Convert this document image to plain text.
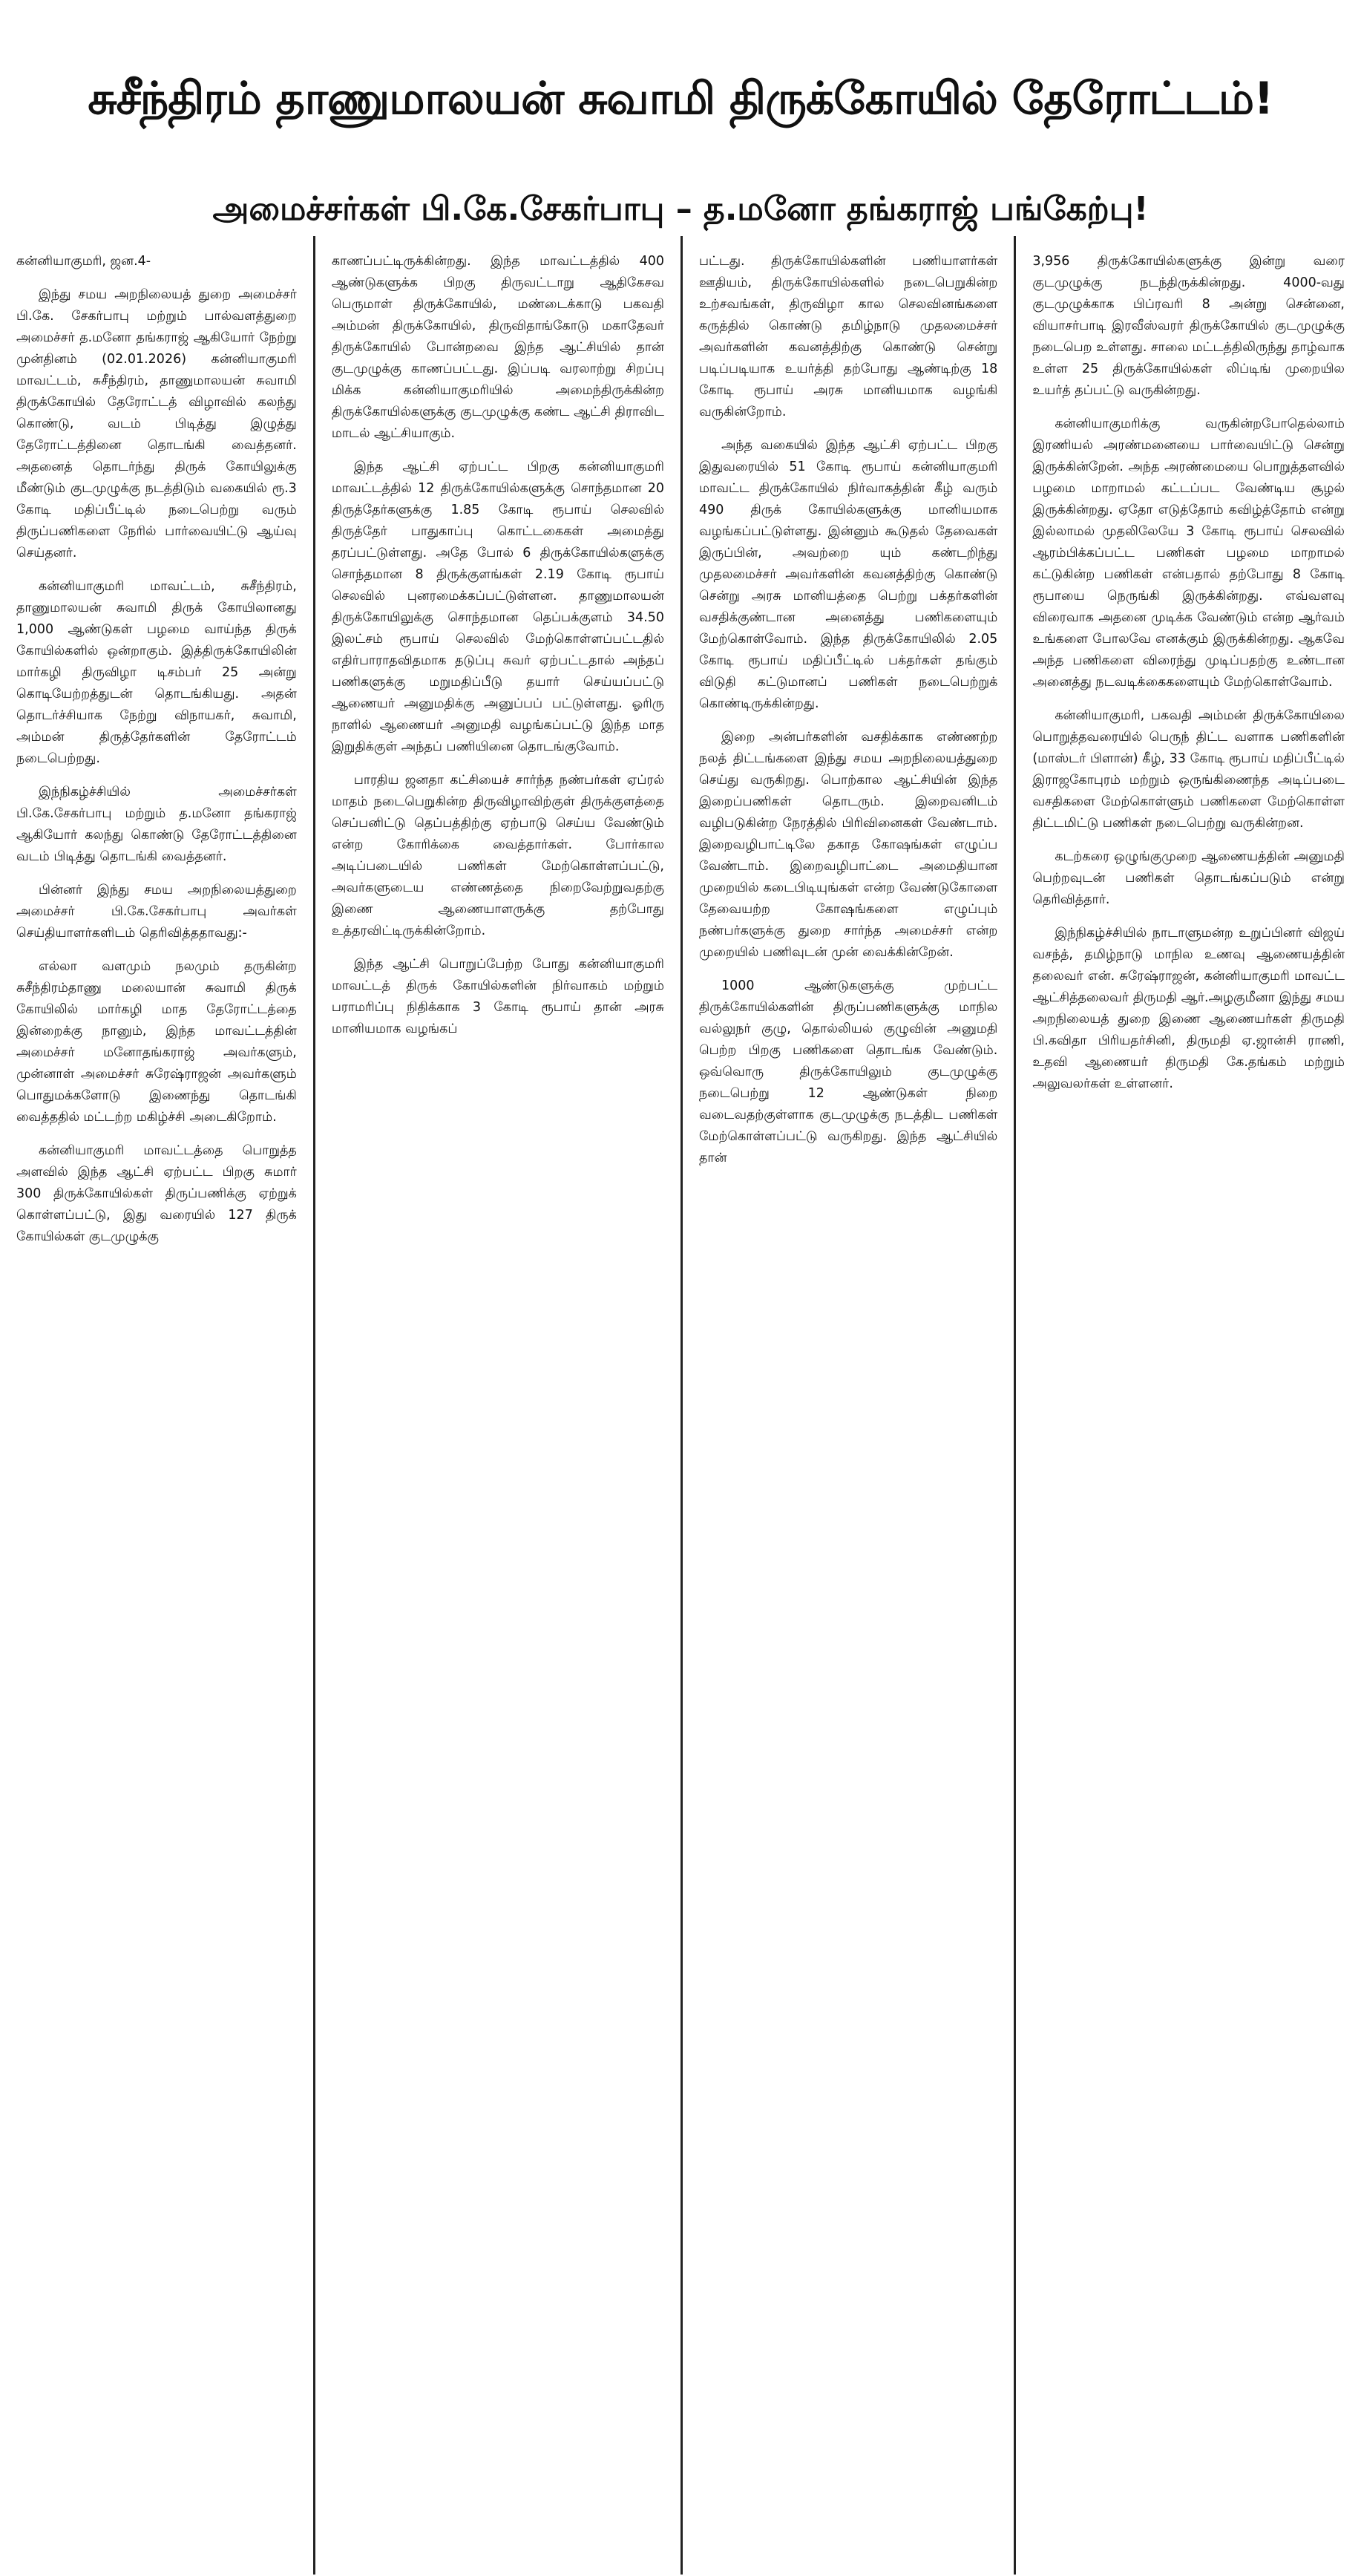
சுசீந்திரம் தாணுமாலயன் சுவாமி திருக்கோயில் தேரோட்டம்!
அமைச்சர்கள் பி.கே.சேகர்பாபு – த.மனோ தங்கராஜ் பங்கேற்பு!

கன்னியாகுமரி, ஜன.4-

இந்து சமய அறநிலையத் துறை அமைச்சர் பி.கே. சேகர்பாபு மற்றும் பால்வளத்துறை அமைச்சர் த.மனோ தங்கராஜ் ஆகியோர் நேற்று முன்தினம் (02.01.2026) கன்னியாகுமரி மாவட்டம், சுசீந்திரம், தாணுமாலயன் சுவாமி திருக்கோயில் தேரோட்டத் விழாவில் கலந்து கொண்டு, வடம் பிடித்து இழுத்து தேரோட்டத்தினை தொடங்கி வைத்தனர். அதனைத் தொடர்ந்து திருக் கோயிலுக்கு மீண்டும் குடமுழுக்கு நடத்திடும் வகையில் ரூ.3 கோடி மதிப்பீட்டில் நடைபெற்று வரும் திருப்பணிகளை நேரில் பார்வையிட்டு ஆய்வு செய்தனர்.

கன்னியாகுமரி மாவட்டம், சுசீந்திரம், தாணுமாலயன் சுவாமி திருக் கோயிலானது 1,000 ஆண்டுகள் பழமை வாய்ந்த திருக் கோயில்களில் ஒன்றாகும். இத்திருக்கோயிலின் மார்கழி திருவிழா டிசம்பர் 25 அன்று கொடியேற்றத்துடன் தொடங்கியது. அதன் தொடர்ச்சியாக நேற்று விநாயகர், சுவாமி, அம்மன் திருத்தேர்களின் தேரோட்டம் நடைபெற்றது.

இந்நிகழ்ச்சியில் அமைச்சர்கள் பி.கே.சேகர்பாபு மற்றும் த.மனோ தங்கராஜ் ஆகியோர் கலந்து கொண்டு தேரோட்டத்தினை வடம் பிடித்து தொடங்கி வைத்தனர்.

பின்னர் இந்து சமய அறநிலையத்துறை அமைச்சர் பி.கே.சேகர்பாபு அவர்கள் செய்தியாளர்களிடம் தெரிவித்ததாவது:-

எல்லா வளமும் நலமும் தருகின்ற சுசீந்திரம்தாணு மலையான் சுவாமி திருக் கோயிலில் மார்கழி மாத தேரோட்டத்தை இன்றைக்கு நானும், இந்த மாவட்டத்தின் அமைச்சர் மனோதங்கராஜ் அவர்களும், முன்னாள் அமைச்சர் சுரேஷ்ராஜன் அவர்களும் பொதுமக்களோடு இணைந்து தொடங்கி வைத்ததில் மட்டற்ற மகிழ்ச்சி அடைகிறோம்.

கன்னியாகுமரி மாவட்டத்தை பொறுத்த அளவில் இந்த ஆட்சி ஏற்பட்ட பிறகு சுமார் 300 திருக்கோயில்கள் திருப்பணிக்கு ஏற்றுக் கொள்ளப்பட்டு, இது வரையில் 127 திருக் கோயில்கள் குடமுழுக்கு

காணப்பட்டிருக்கின்றது. இந்த மாவட்டத்தில் 400 ஆண்டுகளுக்க பிறகு திருவட்டாறு ஆதிகேசவ பெருமாள் திருக்கோயில், மண்டைக்காடு பகவதி அம்மன் திருக்கோயில், திருவிதாங்கோடு மகாதேவர் திருக்கோயில் போன்றவை இந்த ஆட்சியில் தான் குடமுழுக்கு காணப்பட்டது. இப்படி வரலாற்று சிறப்பு மிக்க கன்னியாகுமரியில் அமைந்திருக்கின்ற திருக்கோயில்களுக்கு குடமுழுக்கு கண்ட ஆட்சி திராவிட மாடல் ஆட்சியாகும்.

இந்த ஆட்சி ஏற்பட்ட பிறகு கன்னியாகுமரி மாவட்டத்தில் 12 திருக்கோயில்களுக்கு சொந்தமான 20 திருத்தேர்களுக்கு 1.85 கோடி ரூபாய் செலவில் திருத்தேர் பாதுகாப்பு கொட்டகைகள் அமைத்து தரப்பட்டுள்ளது. அதே போல் 6 திருக்கோயில்களுக்கு சொந்தமான 8 திருக்குளங்கள் 2.19 கோடி ரூபாய் செலவில் புனரமைக்கப்பட்டுள்ளன. தாணுமாலயன் திருக்கோயிலுக்கு சொந்தமான தெப்பக்குளம் 34.50 இலட்சம் ரூபாய் செலவில் மேற்கொள்ளப்பட்டதில் எதிர்பாராதவிதமாக தடுப்பு சுவர் ஏற்பட்டதால் அந்தப் பணிகளுக்கு மறுமதிப்பீடு தயார் செய்யப்பட்டு ஆணையர் அனுமதிக்கு அனுப்பப் பட்டுள்ளது. ஓரிரு நாளில் ஆணையர் அனுமதி வழங்கப்பட்டு இந்த மாத இறுதிக்குள் அந்தப் பணியினை தொடங்குவோம்.

பாரதிய ஜனதா கட்சியைச் சார்ந்த நண்பர்கள் ஏப்ரல் மாதம் நடைபெறுகின்ற திருவிழாவிற்குள் திருக்குளத்தை செப்பனிட்டு தெப்பத்திற்கு ஏற்பாடு செய்ய வேண்டும் என்ற கோரிக்கை வைத்தார்கள். போர்கால அடிப்படையில் பணிகள் மேற்கொள்ளப்பட்டு, அவர்களுடைய எண்ணத்தை நிறைவேற்றுவதற்கு இணை ஆணையாளருக்கு தற்போது உத்தரவிட்டிருக்கின்றோம்.

இந்த ஆட்சி பொறுப்பேற்ற போது கன்னியாகுமரி மாவட்டத் திருக் கோயில்களின் நிர்வாகம் மற்றும் பராமரிப்பு நிதிக்காக 3 கோடி ரூபாய் தான் அரசு மானியமாக வழங்கப்

பட்டது. திருக்கோயில்களின் பணியாளர்கள் ஊதியம், திருக்கோயில்களில் நடைபெறுகின்ற உற்சவங்கள், திருவிழா கால செலவினங்களை கருத்தில் கொண்டு தமிழ்நாடு முதலமைச்சர் அவர்களின் கவனத்திற்கு கொண்டு சென்று படிப்படியாக உயர்த்தி தற்போது ஆண்டிற்கு 18 கோடி ரூபாய் அரசு மானியமாக வழங்கி வருகின்றோம்.

அந்த வகையில் இந்த ஆட்சி ஏற்பட்ட பிறகு இதுவரையில் 51 கோடி ரூபாய் கன்னியாகுமரி மாவட்ட திருக்கோயில் நிர்வாகத்தின் கீழ் வரும் 490 திருக் கோயில்களுக்கு மானியமாக வழங்கப்பட்டுள்ளது. இன்னும் கூடுதல் தேவைகள் இருப்பின், அவற்றை யும் கண்டறிந்து முதலமைச்சர் அவர்களின் கவனத்திற்கு கொண்டு சென்று அரசு மானியத்தை பெற்று பக்தர்களின் வசதிக்குண்டான அனைத்து பணிகளையும் மேற்கொள்வோம். இந்த திருக்கோயிலில் 2.05 கோடி ரூபாய் மதிப்பீட்டில் பக்தர்கள் தங்கும் விடுதி கட்டுமானப் பணிகள் நடைபெற்றுக் கொண்டிருக்கின்றது.

இறை அன்பர்களின் வசதிக்காக எண்ணற்ற நலத் திட்டங்களை இந்து சமய அறநிலையத்துறை செய்து வருகிறது. பொற்கால ஆட்சியின் இந்த இறைப்பணிகள் தொடரும். இறைவனிடம் வழிபடுகின்ற நேரத்தில் பிரிவினைகள் வேண்டாம். இறைவழிபாட்டிலே தகாத கோஷங்கள் எழுப்ப வேண்டாம். இறைவழிபாட்டை அமைதியான முறையில் கடைபிடியுங்கள் என்ற வேண்டுகோளை தேவையற்ற கோஷங்களை எழுப்பும் நண்பர்களுக்கு துறை சார்ந்த அமைச்சர் என்ற முறையில் பணிவுடன் முன் வைக்கின்றேன்.

1000 ஆண்டுகளுக்கு முற்பட்ட திருக்கோயில்களின் திருப்பணிகளுக்கு மாநில வல்லுநர் குழு, தொல்லியல் குழுவின் அனுமதி பெற்ற பிறகு பணிகளை தொடங்க வேண்டும். ஒவ்வொரு திருக்கோயிலும் குடமுழுக்கு நடைபெற்று 12 ஆண்டுகள் நிறை வடைவதற்குள்ளாக குடமுழுக்கு நடத்திட பணிகள் மேற்கொள்ளப்பட்டு வருகிறது. இந்த ஆட்சியில் தான்

3,956 திருக்கோயில்களுக்கு இன்று வரை குடமுழுக்கு நடந்திருக்கின்றது. 4000-வது குடமுழுக்காக பிப்ரவரி 8 அன்று சென்னை, வியாசர்பாடி இரவீஸ்வரர் திருக்கோயில் குடமுழுக்கு நடைபெற உள்ளது. சாலை மட்டத்திலிருந்து தாழ்வாக உள்ள 25 திருக்கோயில்கள் லிப்டிங் முறையில உயர்த் தப்பட்டு வருகின்றது.

கன்னியாகுமரிக்கு வருகின்றபோதெல்லாம் இரணியல் அரண்மனையை பார்வையிட்டு சென்று இருக்கின்றேன். அந்த அரண்மையை பொறுத்தளவில் பழமை மாறாமல் கட்டப்பட வேண்டிய சூழல் இருக்கின்றது. ஏதோ எடுத்தோம் கவிழ்த்தோம் என்று இல்லாமல் முதலிலேயே 3 கோடி ரூபாய் செலவில் ஆரம்பிக்கப்பட்ட பணிகள் பழமை மாறாமல் கட்டுகின்ற பணிகள் என்பதால் தற்போது 8 கோடி ரூபாயை நெருங்கி இருக்கின்றது. எவ்வளவு விரைவாக அதனை முடிக்க வேண்டும் என்ற ஆர்வம் உங்களை போலவே எனக்கும் இருக்கின்றது. ஆகவே அந்த பணிகளை விரைந்து முடிப்பதற்கு உண்டான அனைத்து நடவடிக்கைகளையும் மேற்கொள்வோம்.

கன்னியாகுமரி, பகவதி அம்மன் திருக்கோயிலை பொறுத்தவரையில் பெருந் திட்ட வளாக பணிகளின் (மாஸ்டர் பிளான்) கீழ், 33 கோடி ரூபாய் மதிப்பீட்டில் இராஜகோபுரம் மற்றும் ஒருங்கிணைந்த அடிப்படை வசதிகளை மேற்கொள்ளும் பணிகளை மேற்கொள்ள திட்டமிட்டு பணிகள் நடைபெற்று வருகின்றன.

கடற்கரை ஒழுங்குமுறை ஆணையத்தின் அனுமதி பெற்றவுடன் பணிகள் தொடங்கப்படும் என்று தெரிவித்தார்.

இந்நிகழ்ச்சியில் நாடாளுமன்ற உறுப்பினர் விஜய் வசந்த், தமிழ்நாடு மாநில உணவு ஆணையத்தின் தலைவர் என். சுரேஷ்ராஜன், கன்னியாகுமரி மாவட்ட ஆட்சித்தலைவர் திருமதி ஆர்.அழகுமீனா இந்து சமய அறநிலையத் துறை இணை ஆணையர்கள் திருமதி பி.கவிதா பிரியதர்சினி, திருமதி ஏ.ஜான்சி ராணி, உதவி ஆணையர் திருமதி கே.தங்கம் மற்றும் அலுவலர்கள் உள்ளனர்.
